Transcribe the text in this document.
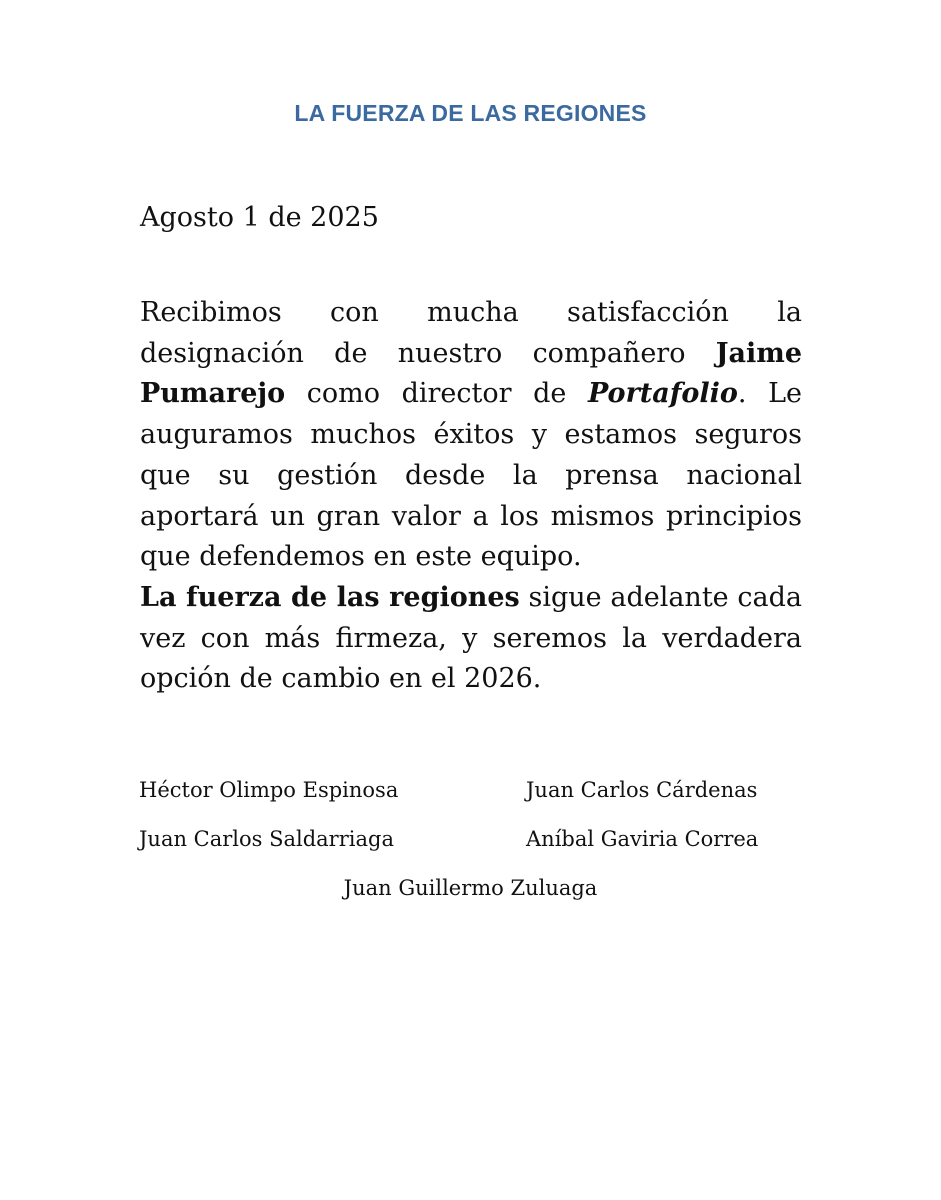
LA FUERZA DE LAS REGIONES
Agosto 1 de 2025

Recibimos con mucha satisfacción la designación de nuestro compañero Jaime Pumarejo como director de Portafolio. Le auguramos muchos éxitos y estamos seguros que su gestión desde la prensa nacional aportará un gran valor a los mismos principios que defendemos en este equipo.

La fuerza de las regiones sigue adelante cada vez con más firmeza, y seremos la verdadera opción de cambio en el 2026.

Héctor Olimpo Espinosa	Juan Carlos Cárdenas
Juan Carlos Saldarriaga	Aníbal Gaviria Correa
Juan Guillermo Zuluaga
